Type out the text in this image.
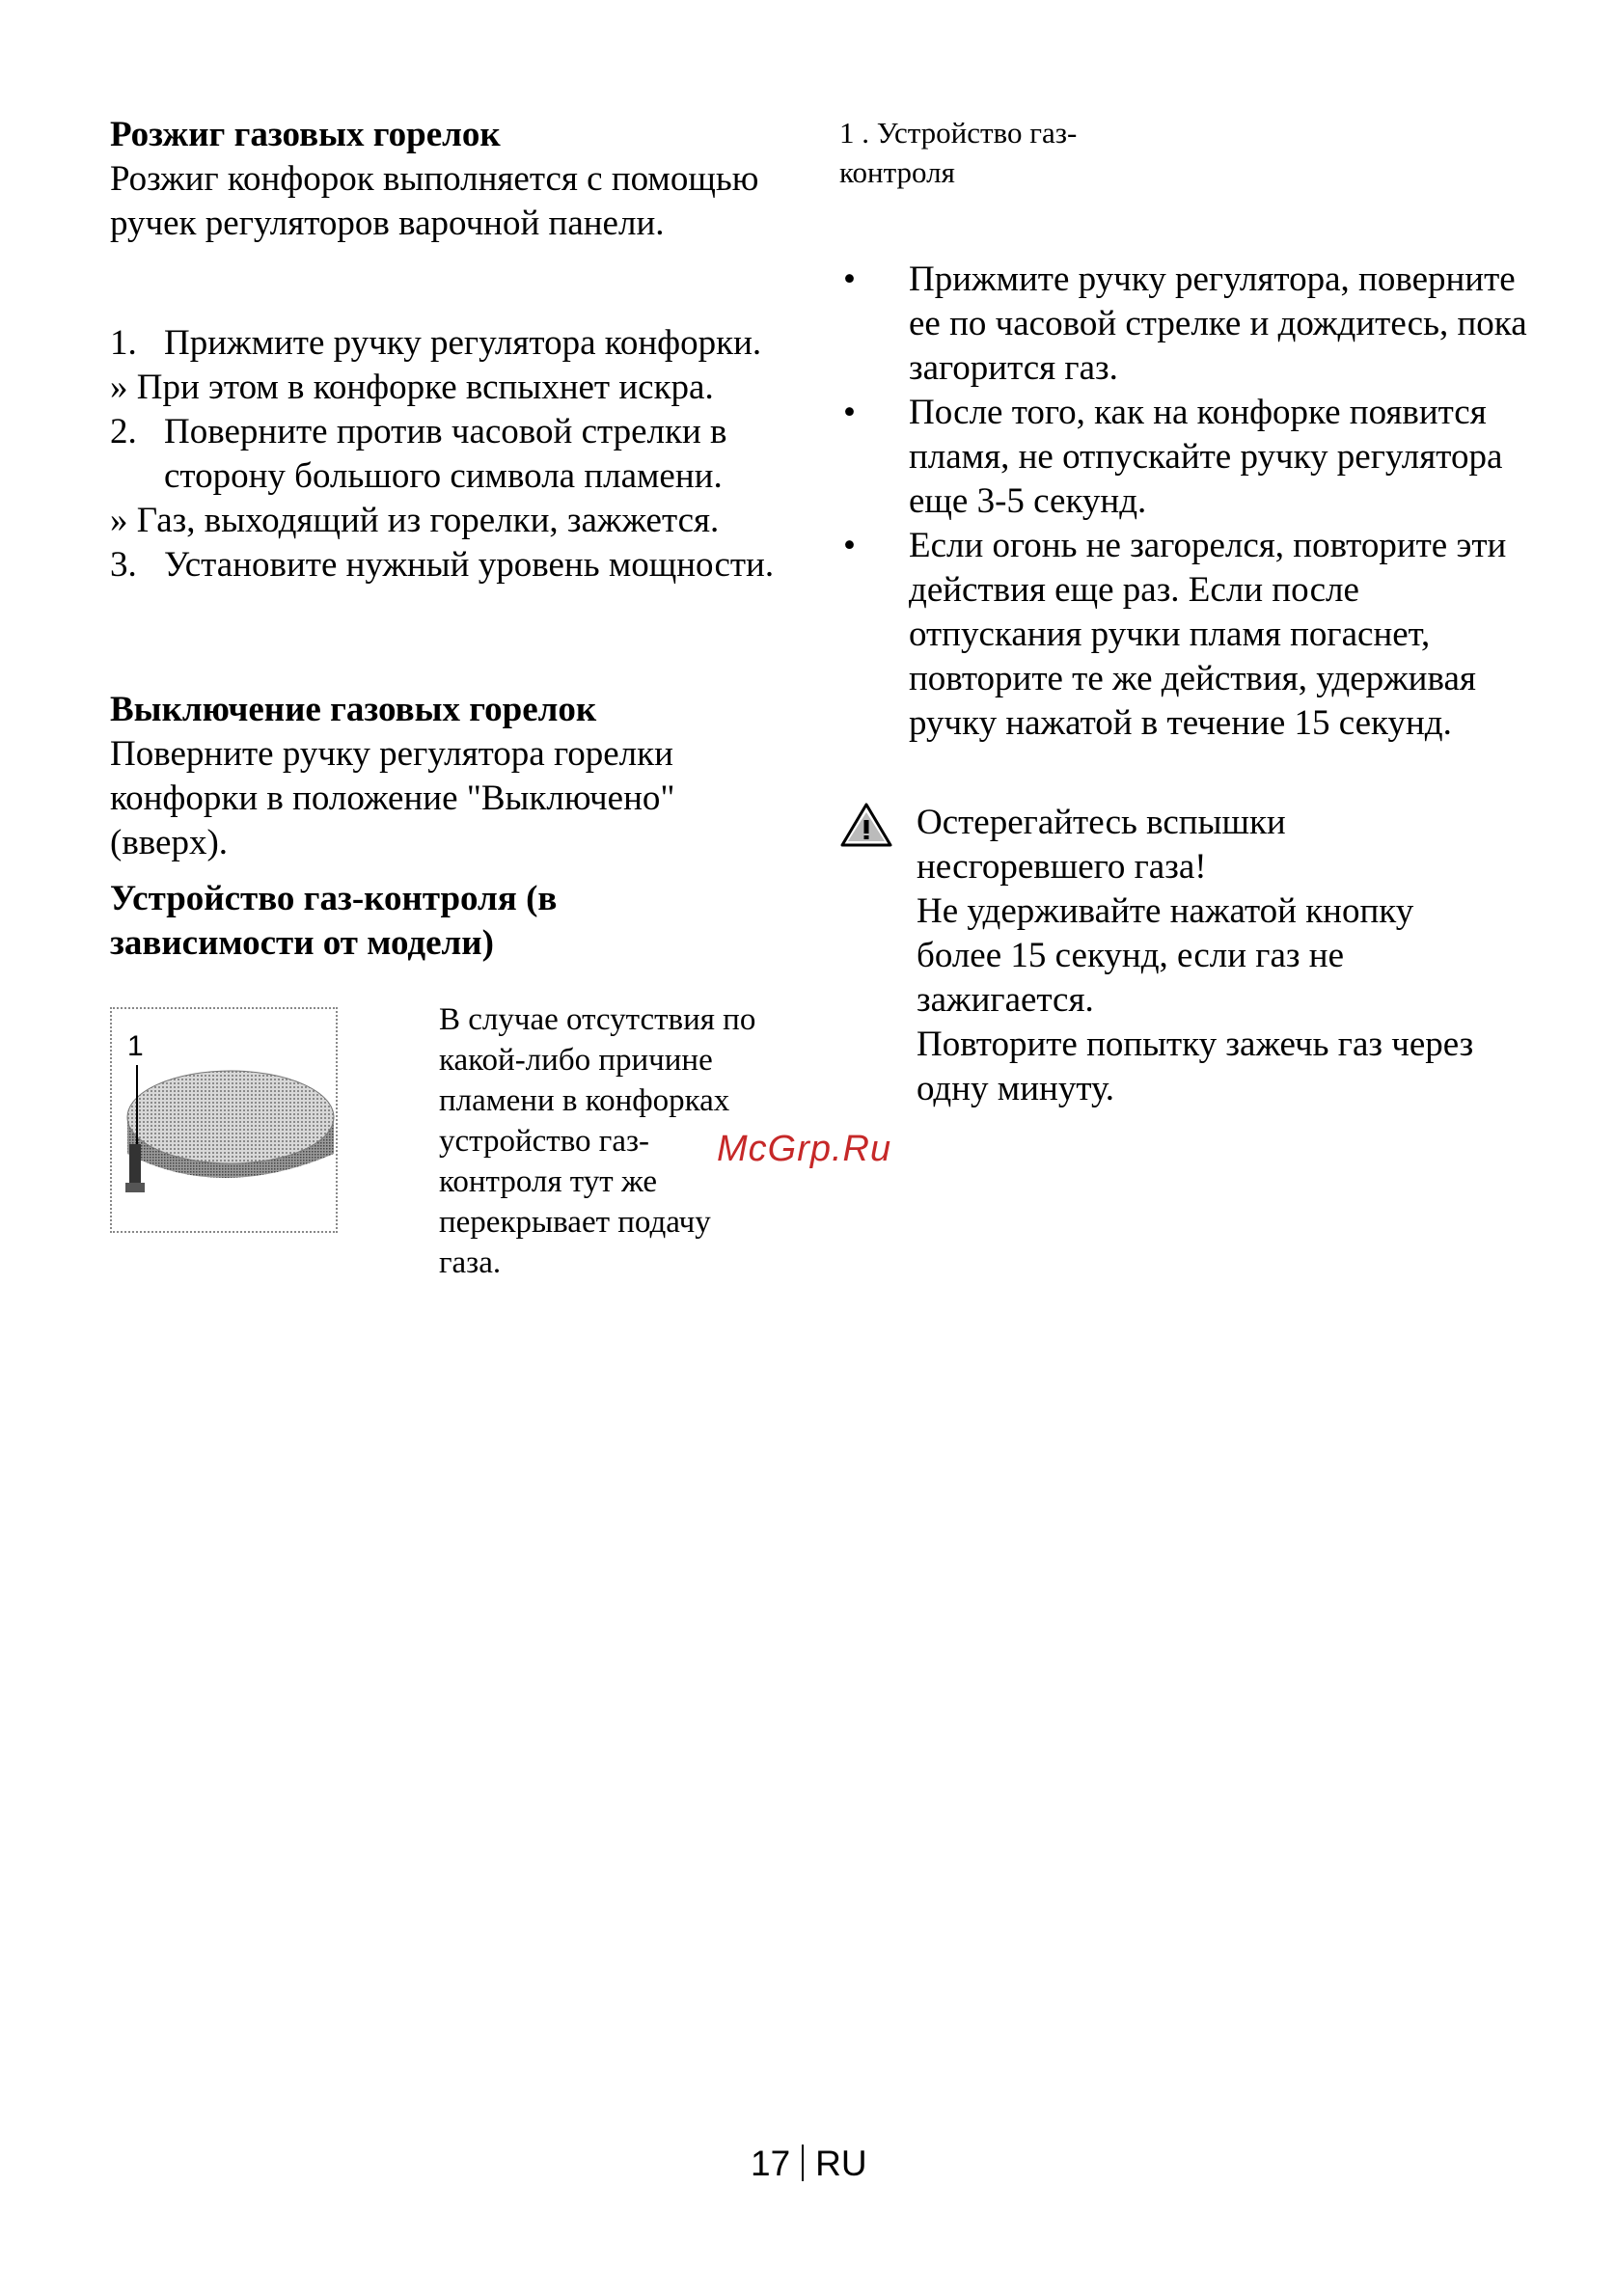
Розжиг газовых горелок
Розжиг конфорок выполняется с помощью ручек регуляторов варочной панели.
1. Прижмите ручку регулятора конфорки.
» При этом в конфорке вспыхнет искра.
2. Поверните против часовой стрелки в сторону большого символа пламени.
» Газ, выходящий из горелки, зажжется.
3. Установите нужный уровень мощности.
Выключение газовых горелок
Поверните ручку регулятора горелки конфорки в положение "Выключено" (вверх).
Устройство газ-контроля (в зависимости от модели)
1
В случае отсутствия по какой-либо причине пламени в конфорках устройство газ-контроля тут же перекрывает подачу газа.
1 . Устройство газ-контроля
• Прижмите ручку регулятора, поверните ее по часовой стрелке и дождитесь, пока загорится газ.
• После того, как на конфорке появится пламя, не отпускайте ручку регулятора еще 3-5 секунд.
• Если огонь не загорелся, повторите эти действия еще раз. Если после отпускания ручки пламя погаснет, повторите те же действия, удерживая ручку нажатой в течение 15 секунд.
Остерегайтесь вспышки несгоревшего газа!
Не удерживайте нажатой кнопку более 15 секунд, если газ не зажигается.
Повторите попытку зажечь газ через одну минуту.
McGrp.Ru
17 RU
